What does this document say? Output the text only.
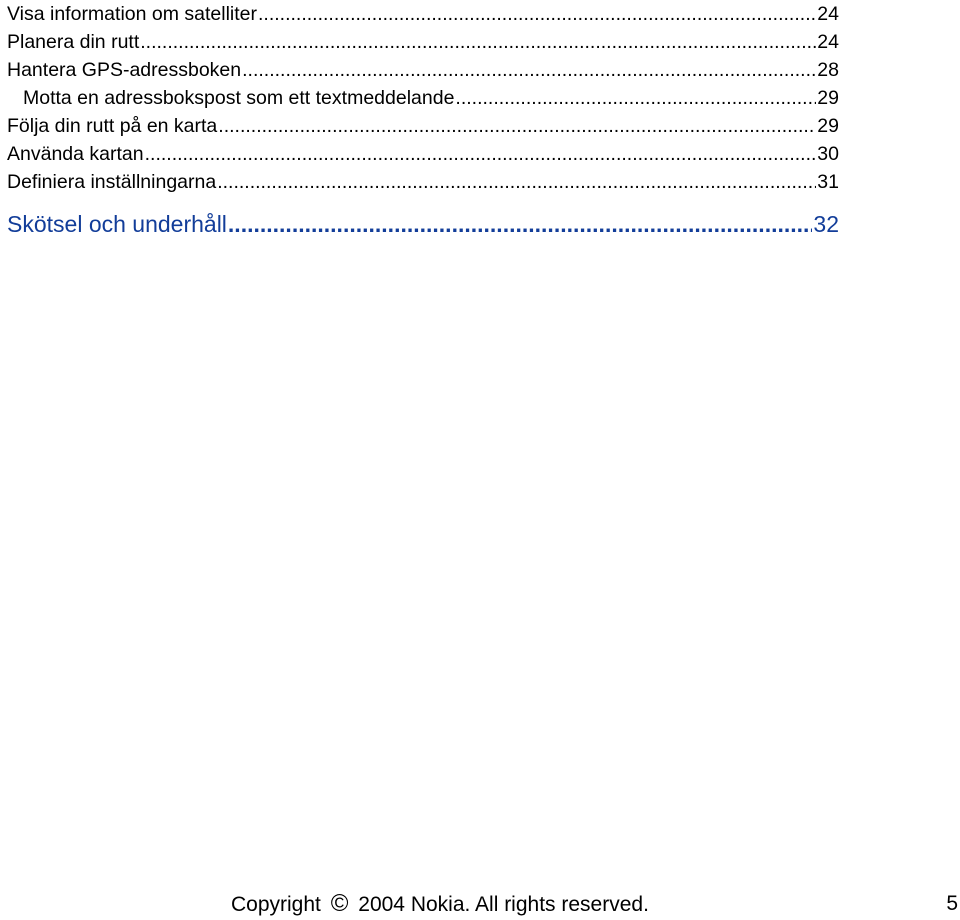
Visa information om satelliter .....	24
Planera din rutt .....	24
Hantera GPS-adressboken .....	28
Motta en adressbokspost som ett textmeddelande .....	29
Följa din rutt på en karta .....	29
Använda kartan .....	30
Definiera inställningarna .....	31
Skötsel och underhåll .....	32
Copyright © 2004 Nokia. All rights reserved.	5
